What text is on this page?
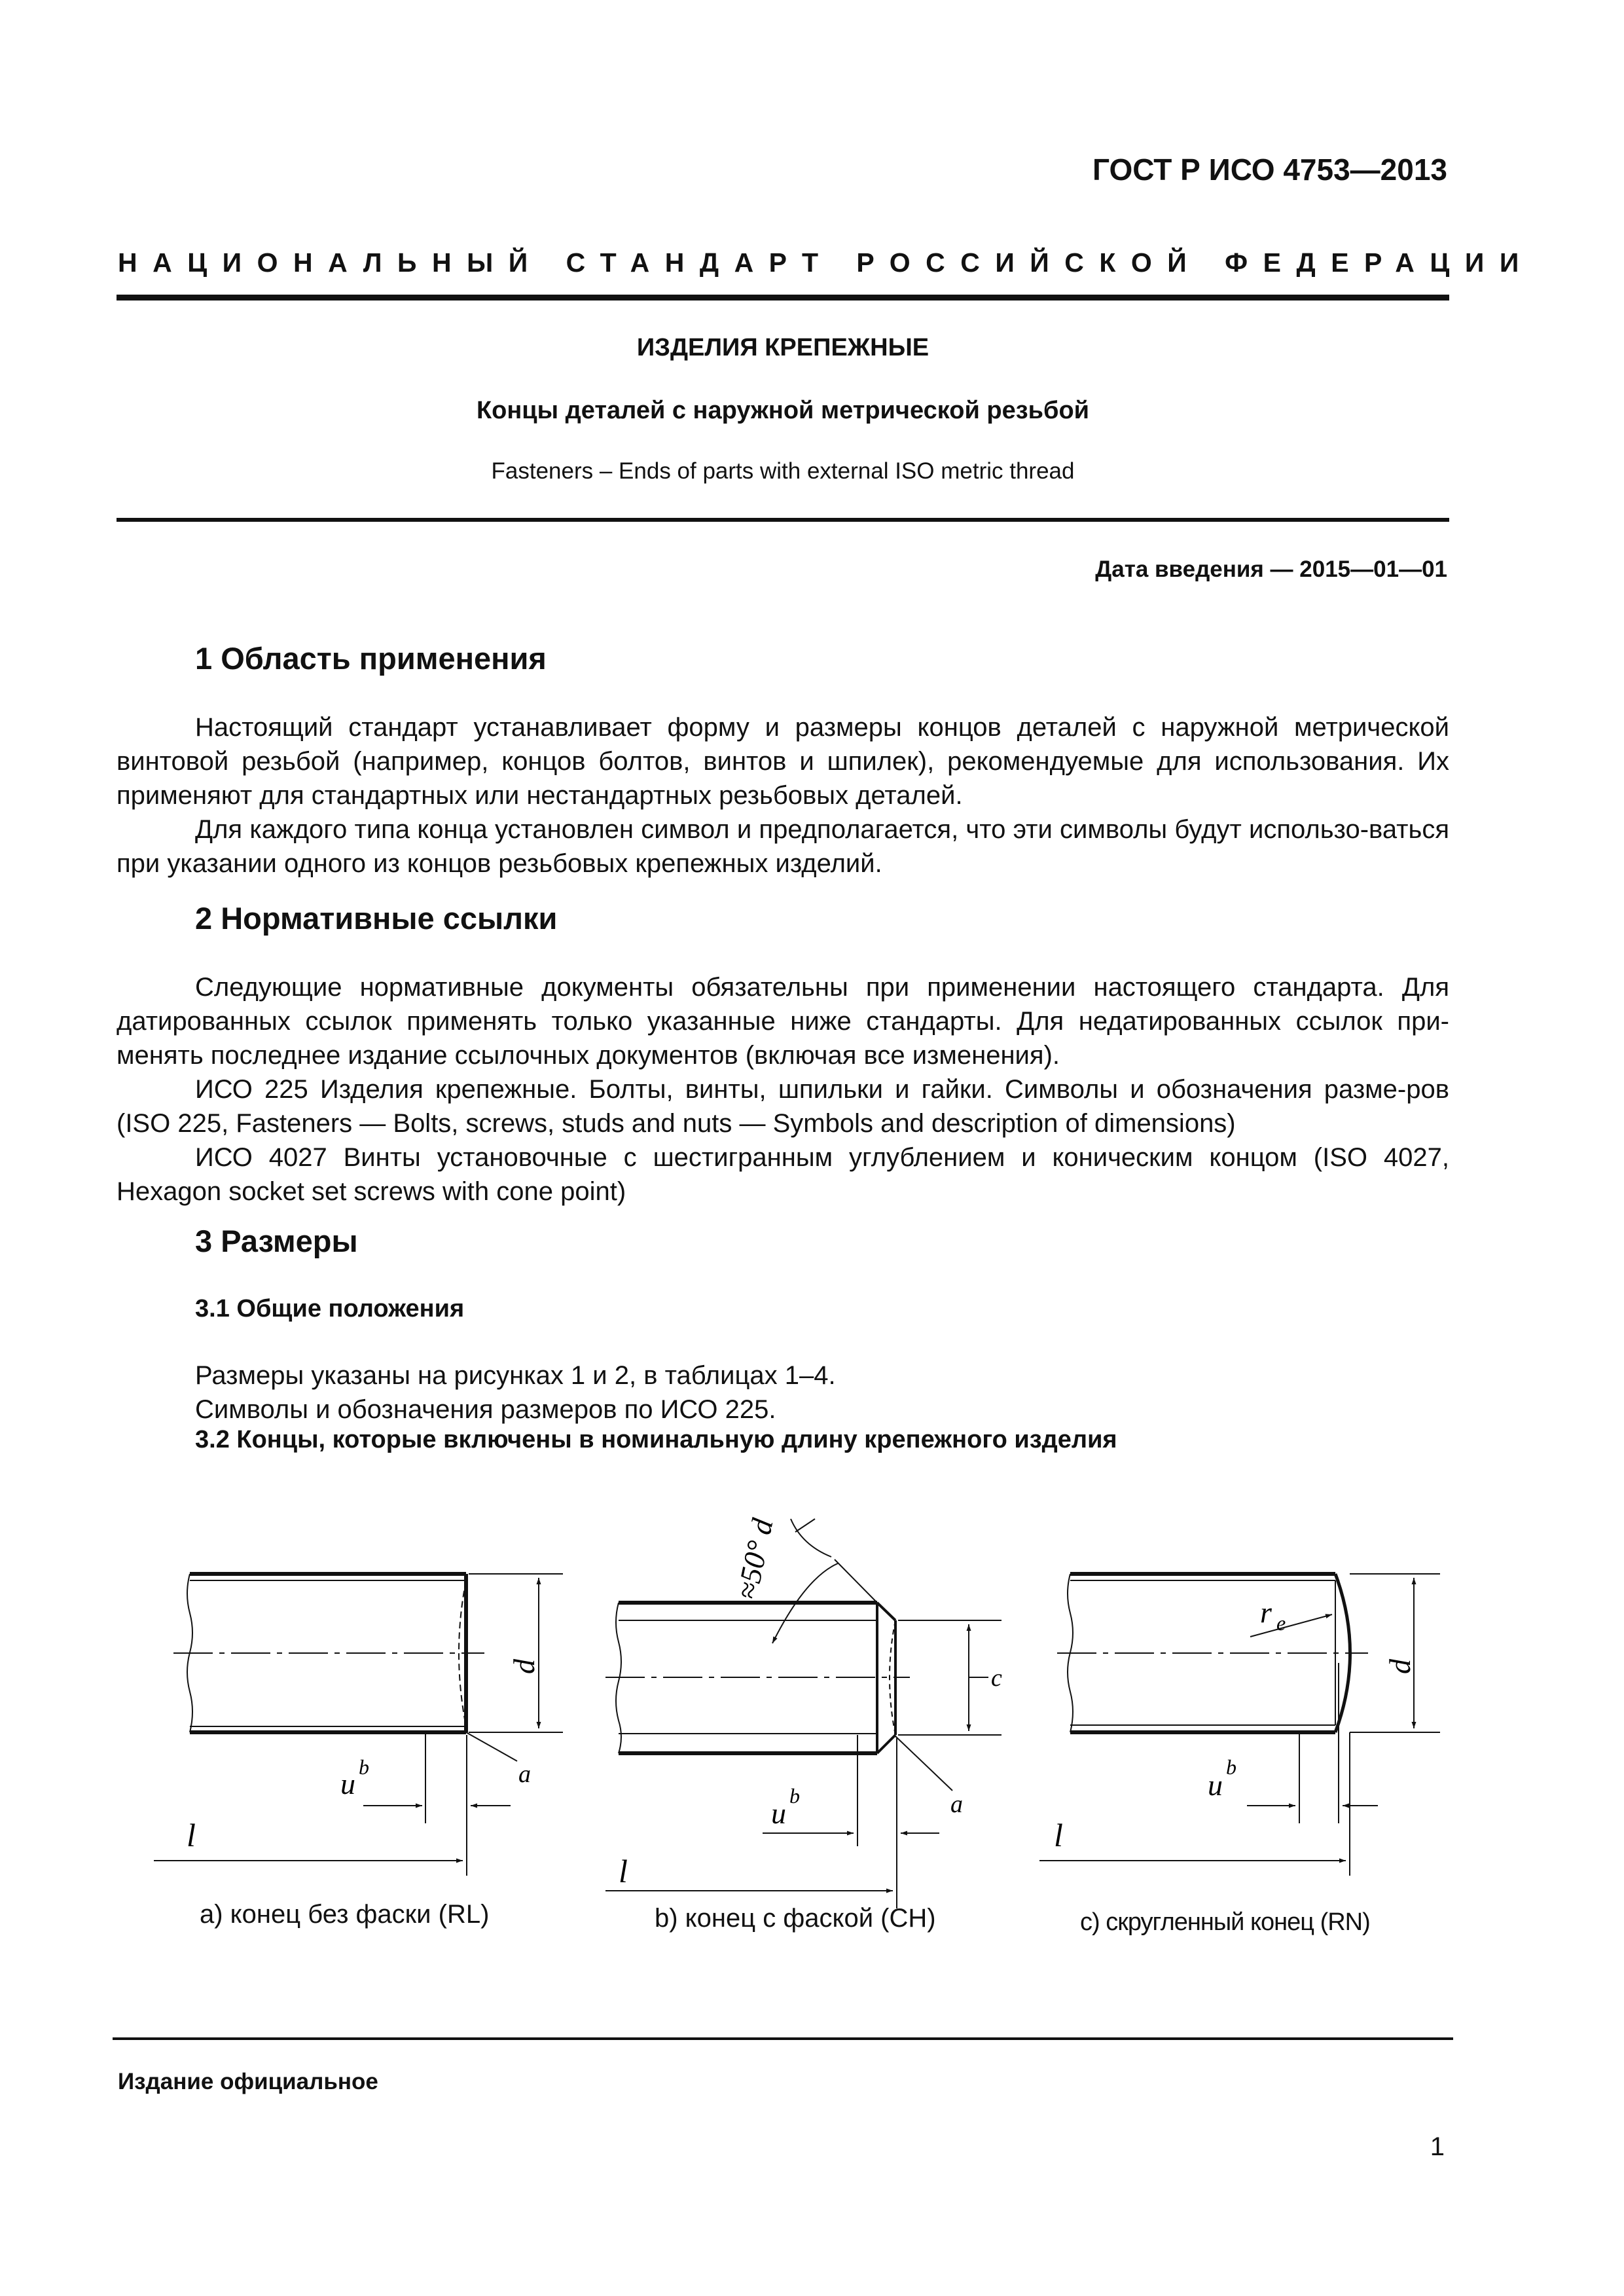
ГОСТ Р ИСО 4753—2013
НАЦИОНАЛЬНЫЙ СТАНДАРТ РОССИЙСКОЙ ФЕДЕРАЦИИ
ИЗДЕЛИЯ КРЕПЕЖНЫЕ
Концы деталей с наружной метрической резьбой
Fasteners – Ends of parts with external ISO metric thread
Дата введения — 2015—01—01
1 Область применения

Настоящий стандарт устанавливает форму и размеры концов деталей с наружной метрической винтовой резьбой (например, концов болтов, винтов и шпилек), рекомендуемые для использования. Их применяют для стандартных или нестандартных резьбовых деталей.

Для каждого типа конца установлен символ и предполагается, что эти символы будут использо-ваться при указании одного из концов резьбовых крепежных изделий.

2 Нормативные ссылки

Следующие нормативные документы обязательны при применении настоящего стандарта. Для датированных ссылок применять только указанные ниже стандарты. Для недатированных ссылок при-менять последнее издание ссылочных документов (включая все изменения).

ИСО 225 Изделия крепежные. Болты, винты, шпильки и гайки. Символы и обозначения разме-ров (ISO 225, Fasteners — Bolts, screws, studs and nuts — Symbols and description of dimensions)

ИСО 4027 Винты установочные с шестигранным углублением и коническим концом (ISO 4027, Hexagon socket set screws with cone point)

3 Размеры
3.1 Общие положения
Размеры указаны на рисунках 1 и 2, в таблицах 1–4.
Символы и обозначения размеров по ИСО 225.
3.2 Концы, которые включены в номинальную длину крепежного изделия
d
a
u b
l
≈50° d
c
a
u
b
l
r e
d
u
b
l
а) конец без фаски (RL)	b) конец с фаской (CH)	c) скругленный конец (RN)
Издание официальное
1
